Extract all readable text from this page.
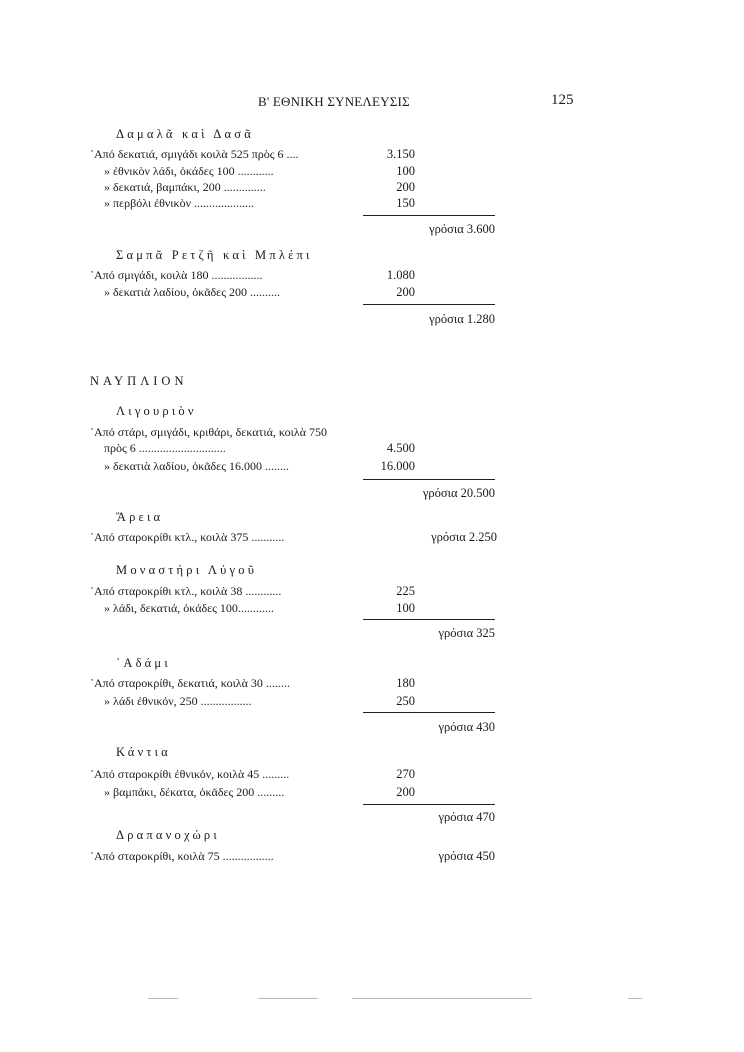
Β' ΕΘΝΙΚΗ ΣΥΝΕΛΕΥΣΙΣ	125
Δαμαλᾶ καὶ Δασᾶ
᾿Από δεκατιά, σμιγάδι κοιλὰ 525 πρὸς 6 ....	3.150
» ἐθνικὸν λάδι, ὀκάδες 100 ............	100
» δεκατιά, βαμπάκι, 200 ..............	200
» περβόλι ἐθνικὸν ....................	150
γρόσια 3.600
Σαμπᾶ Ρετζῆ καὶ Μπλέπι
᾿Από σμιγάδι, κοιλὰ 180 .................	1.080
» δεκατιὰ λαδίου, ὀκᾶδες 200 ..........	200
γρόσια 1.280
ΝΑΥΠΛΙΟΝ
Λιγουριὸν
᾿Από στάρι, σμιγάδι, κριθάρι, δεκατιά, κοιλὰ 750
πρὸς 6 .............................	4.500
» δεκατιὰ λαδίου, ὀκᾶδες 16.000 ........	16.000
γρόσια 20.500
Ἄρεια
᾿Από σταροκρίθι κτλ., κοιλὰ 375 ...........	γρόσια 2.250
Μοναστήρι Λύγοῦ
᾿Από σταροκρίθι κτλ., κοιλὰ 38 ............	225
» λάδι, δεκατιά, ὀκάδες 100............	100
γρόσια 325
᾿Αδάμι
᾿Από σταροκρίθι, δεκατιά, κοιλὰ 30 ........	180
» λάδι ἐθνικόν, 250 .................	250
γρόσια 430
Κάντια
᾿Από σταροκρίθι ἐθνικόν, κοιλὰ 45 .........	270
» βαμπάκι, δέκατα, ὀκᾶδες 200 .........	200
γρόσια 470
Δραπανοχώρι
᾿Από σταροκρίθι, κοιλὰ 75 .................	γρόσια 450
